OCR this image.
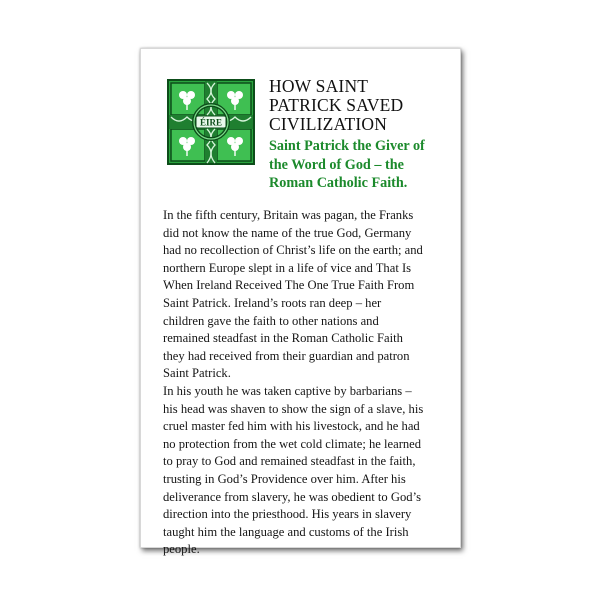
ÉIRE
HOW SAINT
PATRICK SAVED
CIVILIZATION
Saint Patrick the Giver of
the Word of God – the
Roman Catholic Faith.
In the fifth century, Britain was pagan, the Franks
did not know the name of the true God, Germany
had no recollection of Christ’s life on the earth; and
northern Europe slept in a life of vice and That Is
When Ireland Received The One True Faith From
Saint Patrick. Ireland’s roots ran deep – her
children gave the faith to other nations and
remained steadfast in the Roman Catholic Faith
they had received from their guardian and patron
Saint Patrick.
In his youth he was taken captive by barbarians –
his head was shaven to show the sign of a slave, his
cruel master fed him with his livestock, and he had
no protection from the wet cold climate; he learned
to pray to God and remained steadfast in the faith,
trusting in God’s Providence over him. After his
deliverance from slavery, he was obedient to God’s
direction into the priesthood. His years in slavery
taught him the language and customs of the Irish
people.
